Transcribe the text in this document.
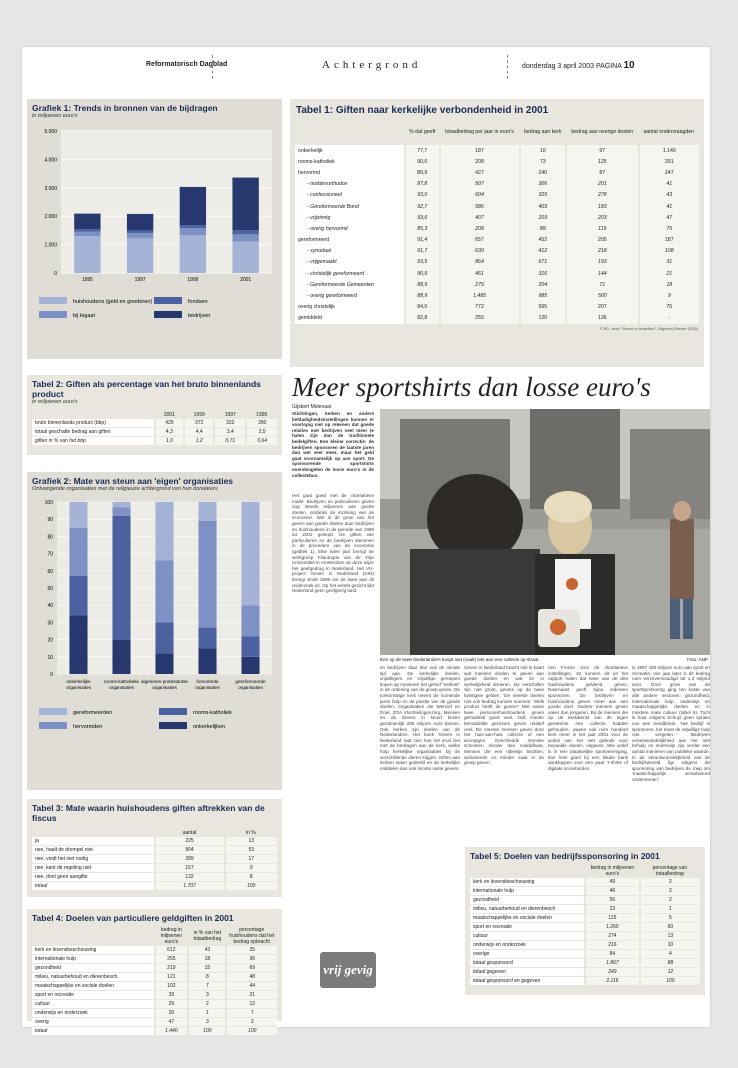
Reformatorisch Dagblad	Achtergrond	donderdag 3 april 2003 PAGINA 10
Grafiek 1: Trends in bronnen van de bijdragen
in miljoenen euro's
0
1.000
2.000
3.000
4.000
5.000
1995	1997	1999	2001
huishoudens (geld en goederen)	fondsen
bij legaat	bedrijven
Tabel 1: Giften naar kerkelijke verbondenheid in 2001
	% dat geeft	totaalbedrag per jaar in euro's	bedrag aan kerk	bedrag aan overige doelen	aantal ondervraagden
onkerkelijk	77,7	187	10	97	1.140
rooms-katholiek	90,0	208	73	125	291
hervormd	89,9	427	240	87	247
- middenorthodox	87,8	507	306	201	41
- confessioneel	93,0	604	325	278	43
- Gereformeerde Bond	92,7	586	403	183	41
- vrijzinnig	93,6	407	203	203	47
- overig hervormd	85,3	208	89	119	75
gereformeerd	91,4	657	452	205	187
- synodaal	91,7	630	412	218	108
- vrijgemaakt	93,5	864	671	193	31
- christelijk gereformeerd	90,5	461	316	144	21
- Gereformeerde Gemeenten	88,9	275	204	71	18
- overig gereformeerd	88,9	1.485	985	500	9
overig christelijk	84,0	772	565	207	75
gemiddeld	82,8	255	120	136	-
© RD - bron: "Geven in Nederland", Uitgeverij Elsevier (2003)
Tabel 2: Giften als percentage van het bruto binnenlands product
in miljoenen euro's
	2001	1999	1997	1995
bruto binnenlands product (bbp)	429	372	322	280
totaal geschatte bedrag aan giften	4,3	4,4	3,4	2,5
giften in % van het bbp	1,0	1,2	0,71	0,64
Grafiek 2: Mate van steun aan 'eigen' organisaties
Ontvangende organisaties met de religieuze achtergrond van hun donateurs
0
10
20
30
40
50
60
70
80
90
100
onkerkelijke organisaties
rooms-katholieke organisaties
algemeen-protestantse organisaties
hervormde organisaties
gereformeerde organisaties
gereformeerden	rooms-katholiek
hervormden	onkerkelijken
Tabel 3: Mate waarin huishoudens giften aftrekken van de fiscus
	aantal	in %
ja	225	13
nee, haalt de drempel niet	904	53
nee, vindt het niet nodig	289	17
nee, kent de regeling niet	157	9
nee, dont geen aangifte	132	8
totaal	1.707	100
Tabel 4: Doelen van particuliere geldgiften in 2001
	bedrag in miljoenen euro's	in % van het totaalbedrag	percentage huishoudens dat het bedrag opbracht
kerk en levensbeschouwing	612	43	25
internationale hulp	255	18	36
gezondheid	219	15	69
milieu, natuurbehoud en dierenbesch.	121	8	48
maatschappelijke en sociale doelen	102	7	44
sport en recreatie	39	3	21
cultuur	29	2	12
onderwijs en onderzoek	20	1	7
overig	47	3	2
totaal	1.440	100	100
Meer sportshirts dan losse euro's
Gijsbert Molenaar

Stichtingen, kerken en andere liefdadigheidsinstellingen kunnen er voorlopig niet op rekenen dat goede relaties met bedrijven veel meer te halen zijn dan de traditionele bedelgiften. Een kleine correctie: de bedrijven sponsoren de laatste jaren dan wel veel meer, maar het geld gaat voornamelijk op aan sport. De sponsorende sportshirts overvleugelen de losse euro's in de collectebus.

Het gaat goed met de charitatieve markt. Bedrijven en particulieren geven nog steeds miljoenen aan goede doelen, ondanks de inzinking van de economie. Wel is de groei van het geven aan goede doelen door bedrijven en huishoudens in de periode van 1999 tot 2001 gestopt. De giften van particulieren en de bedrijven stemmen in de procedure van de economie (grafiek 1). Elke twee jaar brengt de werkgroep Filantropie van de Vrije Universiteit in Amsterdam op deze wijze het geefgedrag in Nederland. Het VU-project Geven in Nederland (GIN) brengt sinds 1995 om de twee jaar dit onderzoek uit. Op het eerste gezicht lijkt Nederland geen geefgierig land.

Een op de twee Nederlanders koopt niet (vaak) iets aan een collecte op straat.	Foto: ANP

en bedrijven daar dan ook de minste tijd aan. De kerkelijke doelen, vrijwilligers en vrijwillige geroepen kopen op manieren het geloof "verliest" in de ordening van de groep geven. De toekomstige kerk neemt de komende jaren hulp en de positie van de goede doelen. Organisaties die Wenzel en Doel, ZOA Vluchtelingenzorg, Mensen en de Dieren in Nood kozen gezamenlijk 205 miljoen euro binnen. Ook kerken zijn doelen van de Nederlanders. Het boek 'Geven in Nederland' laat zien hoe het eruit ziet met de bedragen aan de kerk, welke hulp kerkelijke organisaties bij de verschillende dieren krijgen. Giften aan kerken staan gedeeld en de kerkelijke middelen dan ook minste vaste gevers.

Geven in Nederland bracht ook in kaart wat mensen doelen te geven aan goede doelen en wat ze in werkelijkheid doneren. De verschillen zijn niet groot, gevers op de twee twintigste gelden: 'De meeste doelen niet ook bedrag kunnen noemen.' Welk product heeft de geven? Met name twee personenhuishoudens geven gemiddeld goed veel. Ook minder bemiddelde gezinnen geven relatief veel. De meeste mensen geven door het huis-aan-huis collecte of een acceptgiro. Geschiedde mensen schenken minder dan middelbare. Mensen die een rijbewijs bezitten, welvarende en minder vaak in de groep geven.

nen Frozen voor de charitatieve instellingen. Ze kunnen dit uit het rapport halen dat twee van de drie huishoudens geldend geven. Daarnaast geeft bijna iedereen sponsoren. De bedrijven en huishoudens geven meer aan een goede doel. Oudere mensen geven vaker dan jongeren. Bij de mensen die op de kerkdienst van de eigen gemeente een collecte hadden gehouden, waarin ook ruim honderd kerk meer in het jaar 2001 voor de acties van het niet gebruik voor bepaalde doelen, uitgaven. Wie actief is in een plaatselijke sportvereniging, kan heel goed bij een lokale bank aankloppen voor een paar T-shirts of digitale scoreborden.

in 1997 180 miljoen euro aan sport en recreatie, vier jaar later is dit bedrag ruim verzevenvoudigd tot 1,3 miljard euro. Door groei van de sportsponsoring ging ten koste van alle andere sectoren: gezondheid, internationale hulp, onderwijs en maatschappelijke doelen en in mindere mate cultuur (tabel 5). Toch is haar volgens Schuyt geen sprake van een trendbreuk. 'Het bedrijf is sponsoren, het moet de vrijwillige hulp niet vergeten.' Bedrijven verantwoordelijkheid aan het niet behulp en onderwijs zijn verder een aantal manieren van publieke waarde. In de verantwoordelijkheid van de bedrijfswereld ligt volgens de sponsoring van bedrijven de roep om 'maatschappelijk verantwoord ondernemen'.

vrij gevig
Tabel 5: Doelen van bedrijfssponsoring in 2001
	bedrag in miljoenen euro's	percentage van totaalbedrag
kerk en levensbeschouwing	49	2
internationale hulp	46	2
gezondheid	56	2
milieu, natuurbehoud en dierenbesch	23	1
maatschappelijke en sociale doelen	115	5
sport en recreatie	1.260	60
cultuur	274	13
onderwijs en onderzoek	216	10
overige	84	4
totaal gesponsord	1.867	88
totaal gegeven	249	12
totaal gesponsord en gegeven	2.116	100
